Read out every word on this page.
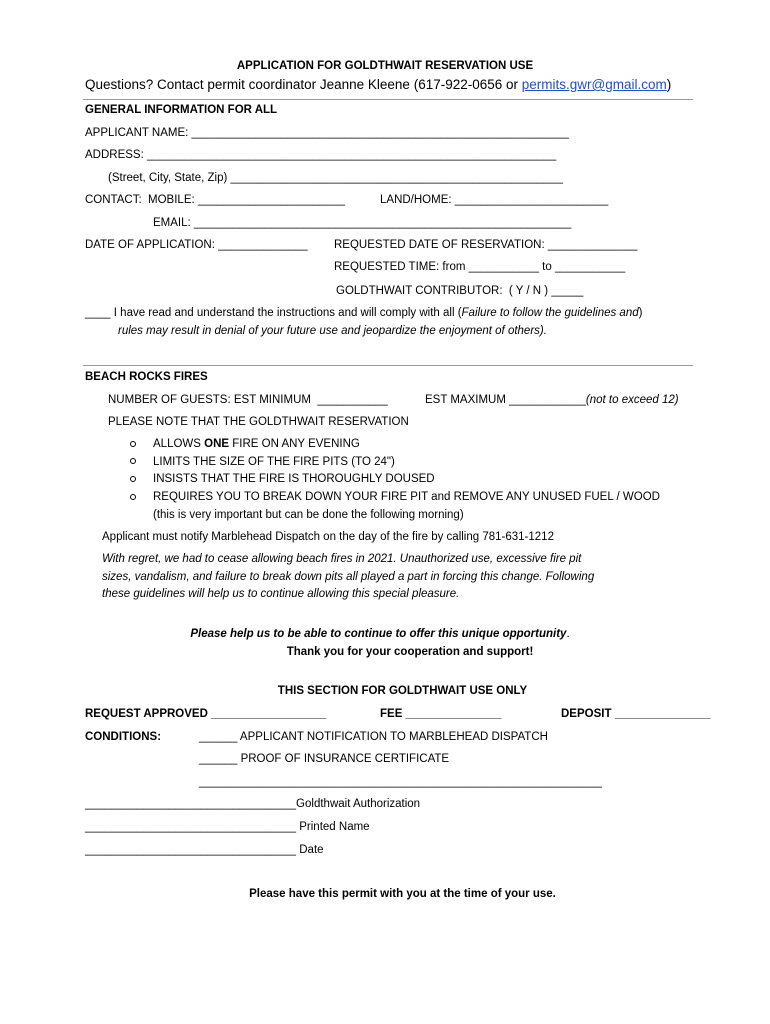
APPLICATION FOR GOLDTHWAIT RESERVATION USE
Questions? Contact permit coordinator Jeanne Kleene (617-922-0656 or permits.gwr@gmail.com)
GENERAL INFORMATION FOR ALL
APPLICANT NAME: ___________________________________________________________
ADDRESS: ________________________________________________________________
(Street, City, State, Zip) ____________________________________________________
CONTACT:  MOBILE: _______________________	LAND/HOME: ________________________
EMAIL: ___________________________________________________________
DATE OF APPLICATION: ______________ REQUESTED DATE OF RESERVATION: ______________
REQUESTED TIME: from ___________ to ___________
GOLDTHWAIT CONTRIBUTOR:  ( Y / N ) _____
____ I have read and understand the instructions and will comply with all (Failure to follow the guidelines and)
rules may result in denial of your future use and jeopardize the enjoyment of others).
BEACH ROCKS FIRES
NUMBER OF GUESTS: EST MINIMUM  ___________	EST MAXIMUM ____________(not to exceed 12)
PLEASE NOTE THAT THE GOLDTHWAIT RESERVATION
ALLOWS ONE FIRE ON ANY EVENING
LIMITS THE SIZE OF THE FIRE PITS (TO 24")
INSISTS THAT THE FIRE IS THOROUGHLY DOUSED
REQUIRES YOU TO BREAK DOWN YOUR FIRE PIT and REMOVE ANY UNUSED FUEL / WOOD
(this is very important but can be done the following morning)
Applicant must notify Marblehead Dispatch on the day of the fire by calling 781-631-1212
With regret, we had to cease allowing beach fires in 2021. Unauthorized use, excessive fire pit
sizes, vandalism, and failure to break down pits all played a part in forcing this change. Following
these guidelines will help us to continue allowing this special pleasure.
Please help us to be able to continue to offer this unique opportunity.
Thank you for your cooperation and support!
THIS SECTION FOR GOLDTHWAIT USE ONLY
REQUEST APPROVED __________________	FEE _______________	DEPOSIT _______________
CONDITIONS:	______ APPLICANT NOTIFICATION TO MARBLEHEAD DISPATCH
______ PROOF OF INSURANCE CERTIFICATE
_______________________________________________________________
_________________________________Goldthwait Authorization
_________________________________ Printed Name
_________________________________ Date
Please have this permit with you at the time of your use.
